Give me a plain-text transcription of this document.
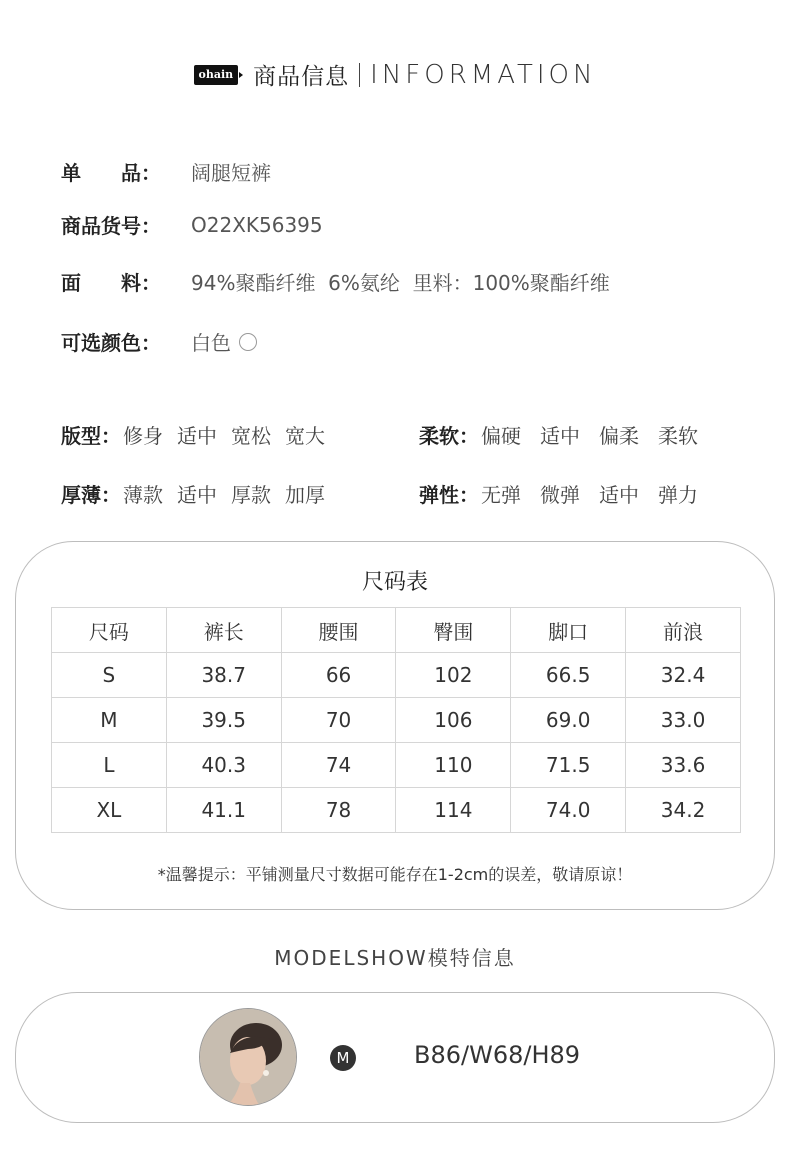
ohain 商品信息 INFORMATION
单　　品：	阔腿短裤
商品货号：	O22XK56395
面　　料：	94%聚酯纤维  6%氨纶  里料：100%聚酯纤维
可选颜色：	白色
版型： 修身 适中 宽松 宽大	柔软： 偏硬 适中 偏柔 柔软
厚薄： 薄款 适中 厚款 加厚	弹性： 无弹 微弹 适中 弹力
尺码表
尺码	裤长	腰围	臀围	脚口	前浪
S	38.7	66	102	66.5	32.4
M	39.5	70	106	69.0	33.0
L	40.3	74	110	71.5	33.6
XL	41.1	78	114	74.0	34.2
*温馨提示：平铺测量尺寸数据可能存在1-2cm的误差，敬请原谅！
MODELSHOW模特信息
M	B86/W68/H89
